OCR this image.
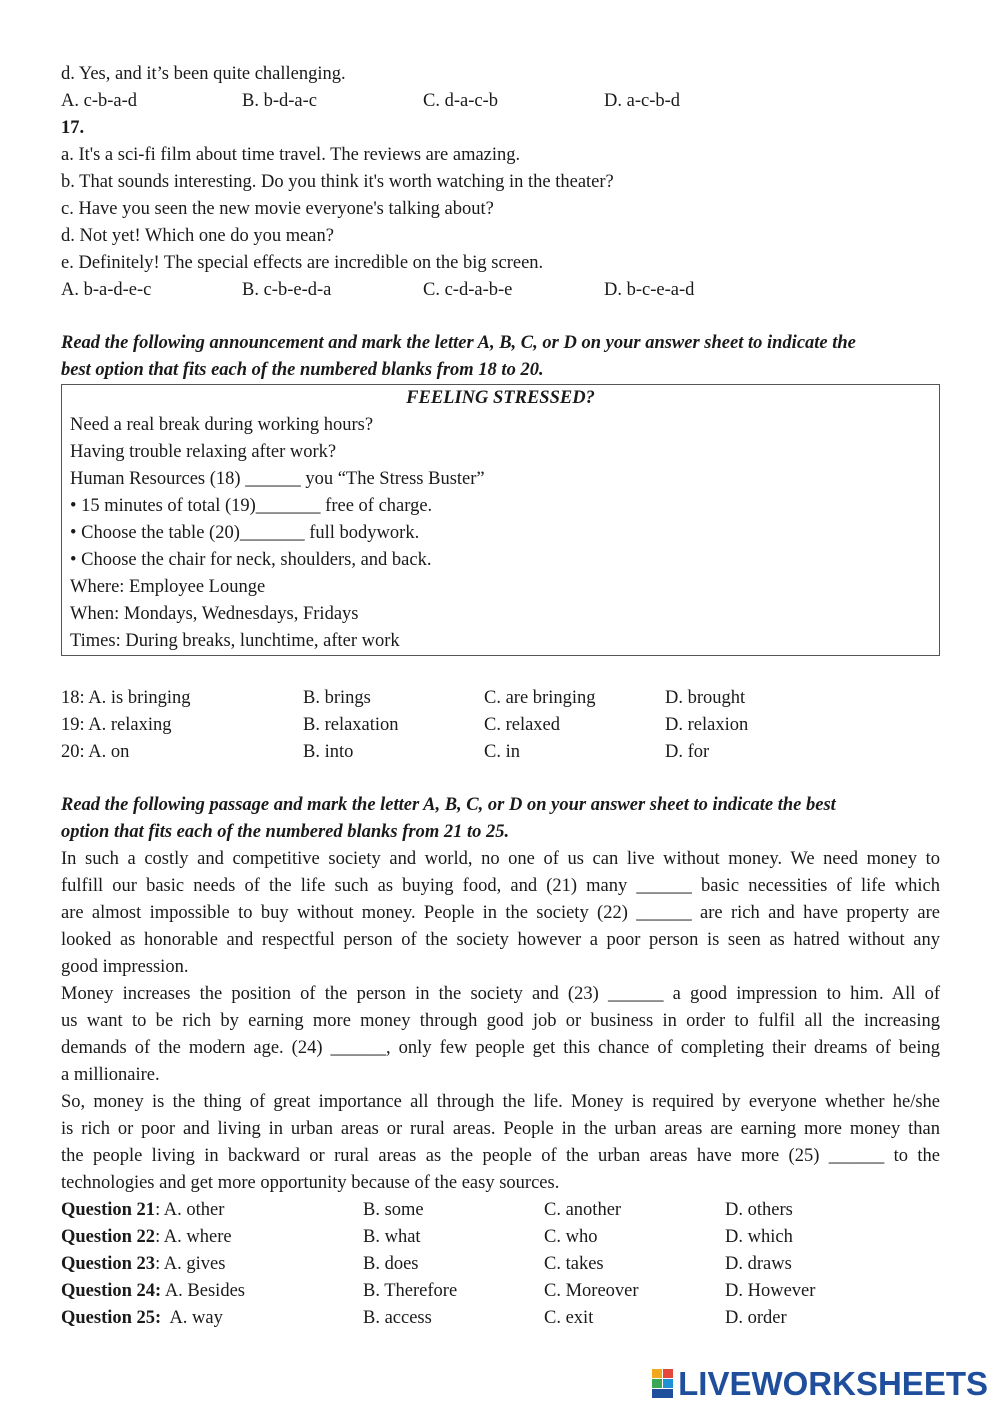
d. Yes, and it’s been quite challenging.
A. c-b-a-d	B. b-d-a-c	C. d-a-c-b	D. a-c-b-d
17.
a. It's a sci-fi film about time travel. The reviews are amazing.
b. That sounds interesting. Do you think it's worth watching in the theater?
c. Have you seen the new movie everyone's talking about?
d. Not yet! Which one do you mean?
e. Definitely! The special effects are incredible on the big screen.
A. b-a-d-e-c	B. c-b-e-d-a	C. c-d-a-b-e	D. b-c-e-a-d
Read the following announcement and mark the letter A, B, C, or D on your answer sheet to indicate the
best option that fits each of the numbered blanks from 18 to 20.
FEELING STRESSED?
Need a real break during working hours?
Having trouble relaxing after work?
Human Resources (18) ______ you “The Stress Buster”
• 15 minutes of total (19)_______ free of charge.
• Choose the table (20)_______ full bodywork.
• Choose the chair for neck, shoulders, and back.
Where: Employee Lounge
When: Mondays, Wednesdays, Fridays
Times: During breaks, lunchtime, after work
18: A. is bringing	B. brings	C. are bringing	D. brought
19: A. relaxing	B. relaxation	C. relaxed	D. relaxion
20: A. on	B. into	C. in	D. for
Read the following passage and mark the letter A, B, C, or D on your answer sheet to indicate the best
option that fits each of the numbered blanks from 21 to 25.
In such a costly and competitive society and world, no one of us can live without money. We need money to
fulfill our basic needs of the life such as buying food, and (21) many ______ basic necessities of life which
are almost impossible to buy without money. People in the society (22) ______ are rich and have property are
looked as honorable and respectful person of the society however a poor person is seen as hatred without any
good impression.
Money increases the position of the person in the society and (23) ______ a good impression to him. All of
us want to be rich by earning more money through good job or business in order to fulfil all the increasing
demands of the modern age. (24) ______, only few people get this chance of completing their dreams of being
a millionaire.
So, money is the thing of great importance all through the life. Money is required by everyone whether he/she
is rich or poor and living in urban areas or rural areas. People in the urban areas are earning more money than
the people living in backward or rural areas as the people of the urban areas have more (25) ______ to the
technologies and get more opportunity because of the easy sources.
Question 21: A. other	B. some	C. another	D. others
Question 22: A. where	B. what	C. who	D. which
Question 23: A. gives	B. does	C. takes	D. draws
Question 24: A. Besides	B. Therefore	C. Moreover	D. However
Question 25:  A. way	B. access	C. exit	D. order
LIVEWORKSHEETS
